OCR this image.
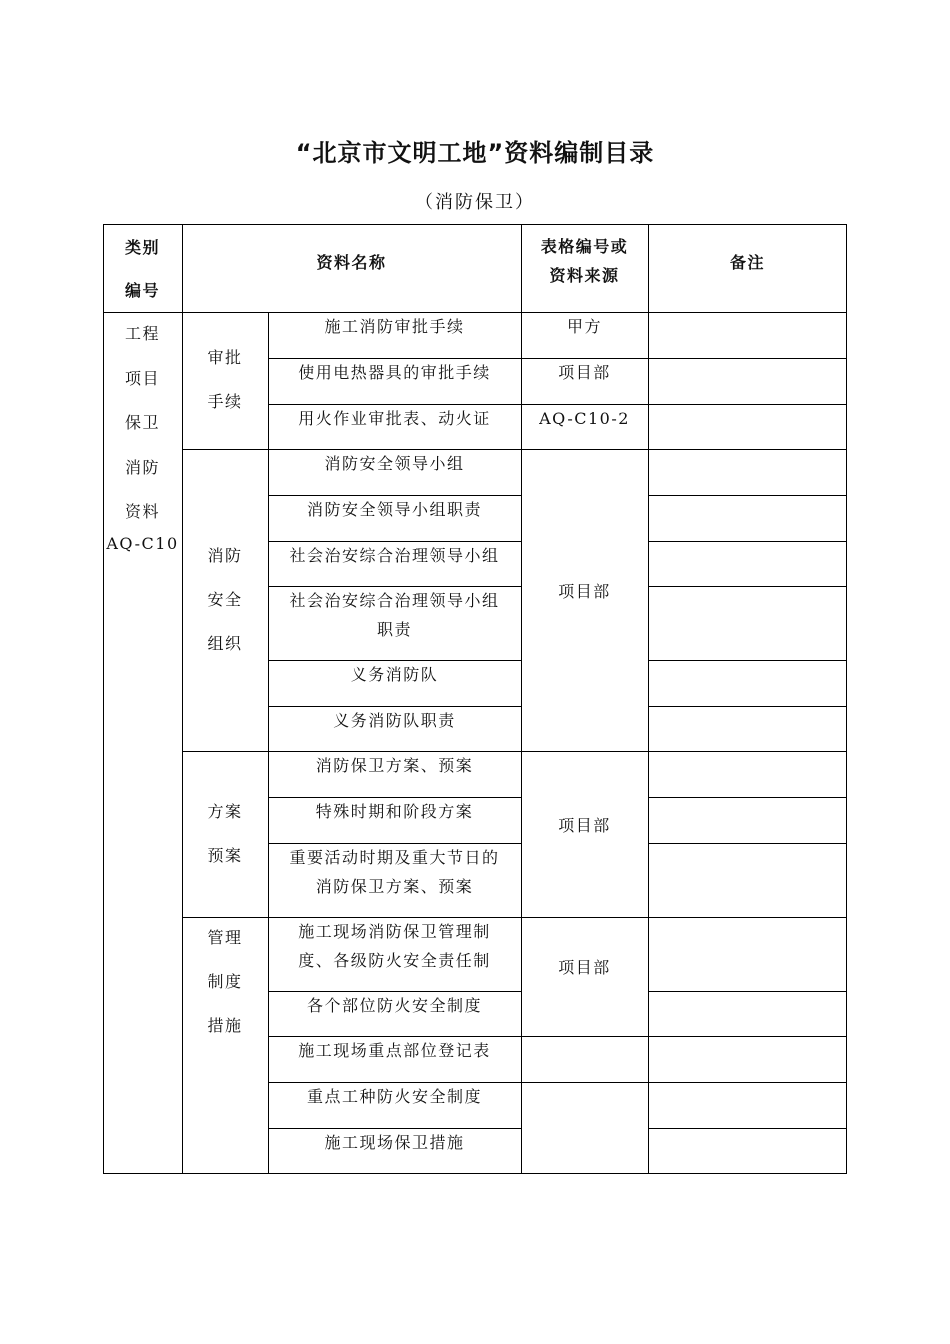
“北京市文明工地”资料编制目录
（消防保卫）
类别
编号
资料名称
表格编号或
资料来源
备注
工程
项目
保卫
消防
资料
AQ-C10
审批
手续
消防
安全
组织
方案
预案
管理
制度
措施
施工消防审批手续
使用电热器具的审批手续
用火作业审批表、动火证
消防安全领导小组
消防安全领导小组职责
社会治安综合治理领导小组
社会治安综合治理领导小组
职责
义务消防队
义务消防队职责
消防保卫方案、预案
特殊时期和阶段方案
重要活动时期及重大节日的
消防保卫方案、预案
施工现场消防保卫管理制
度、各级防火安全责任制
各个部位防火安全制度
施工现场重点部位登记表
重点工种防火安全制度
施工现场保卫措施
甲方
项目部
AQ-C10-2
项目部
项目部
项目部
